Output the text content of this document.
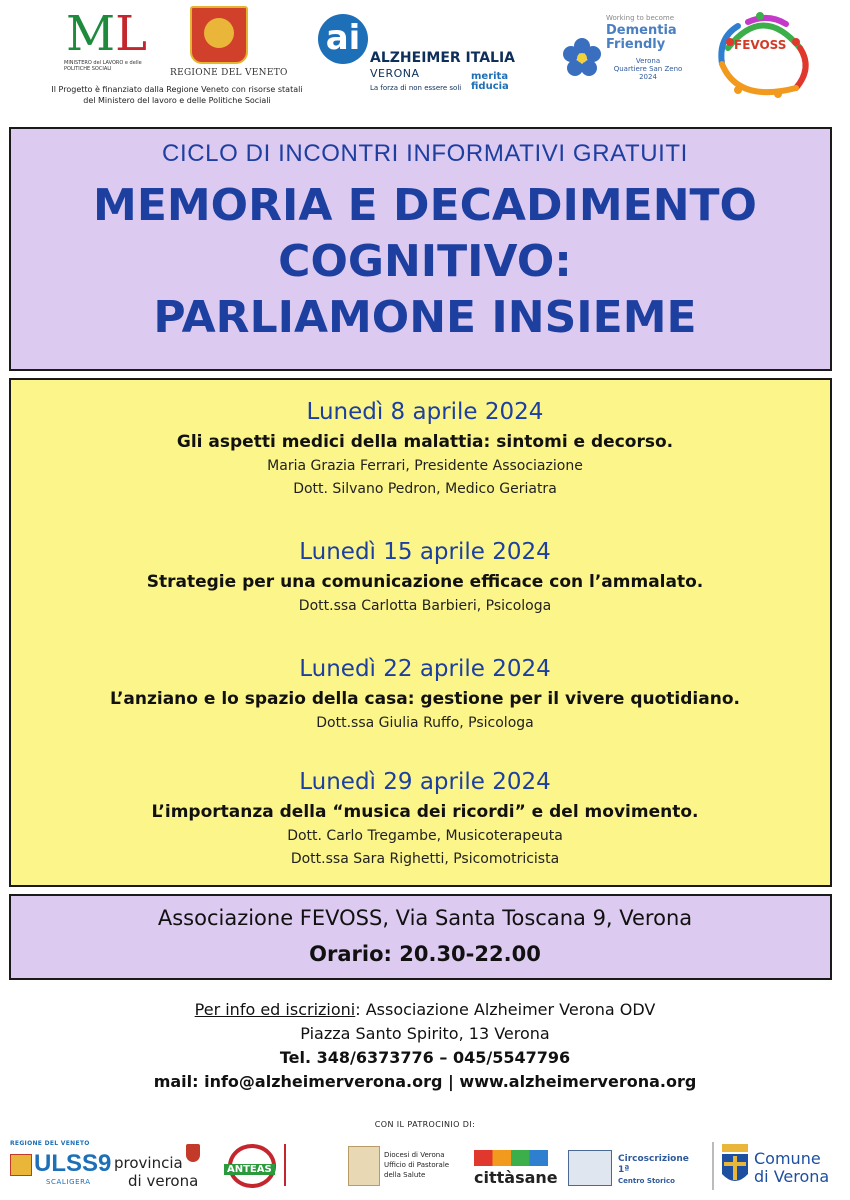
ML
MINISTERO del LAVORO e delle POLITICHE SOCIALI	REGIONE DEL VENETO
Il Progetto è finanziato dalla Regione Veneto con risorse statali
del Ministero del lavoro e delle Politiche Sociali
ai ALZHEIMER ITALIA
VERONA
La forza di non essere soli
merita fiducia
Working to become
Dementia
Friendly
Verona
Quartiere San Zeno
2024
FEVOSS
CICLO DI INCONTRI INFORMATIVI GRATUITI
MEMORIA E DECADIMENTO
COGNITIVO:
PARLIAMONE INSIEME
Lunedì 8 aprile 2024
Gli aspetti medici della malattia: sintomi e decorso.
Maria Grazia Ferrari, Presidente Associazione
Dott. Silvano Pedron, Medico Geriatra
Lunedì 15 aprile 2024
Strategie per una comunicazione efficace con l’ammalato.
Dott.ssa Carlotta Barbieri, Psicologa
Lunedì 22 aprile 2024
L’anziano e lo spazio della casa: gestione per il vivere quotidiano.
Dott.ssa Giulia Ruffo, Psicologa
Lunedì 29 aprile 2024
L’importanza della “musica dei ricordi” e del movimento.
Dott. Carlo Tregambe, Musicoterapeuta
Dott.ssa Sara Righetti, Psicomotricista
Associazione FEVOSS, Via Santa Toscana 9, Verona
Orario: 20.30-22.00
Per info ed iscrizioni: Associazione Alzheimer Verona ODV
Piazza Santo Spirito, 13 Verona
Tel. 348/6373776 – 045/5547796
mail: info@alzheimerverona.org | www.alzheimerverona.org
CON IL PATROCINIO DI:
REGIONE DEL VENETO
ULSS9
SCALIGERA
provincia
di verona
ANTEAS
Diocesi di Verona
Ufficio di Pastorale
della Salute	cittàsane
Circoscrizione 1ª
Centro Storico
Comune
di Verona
